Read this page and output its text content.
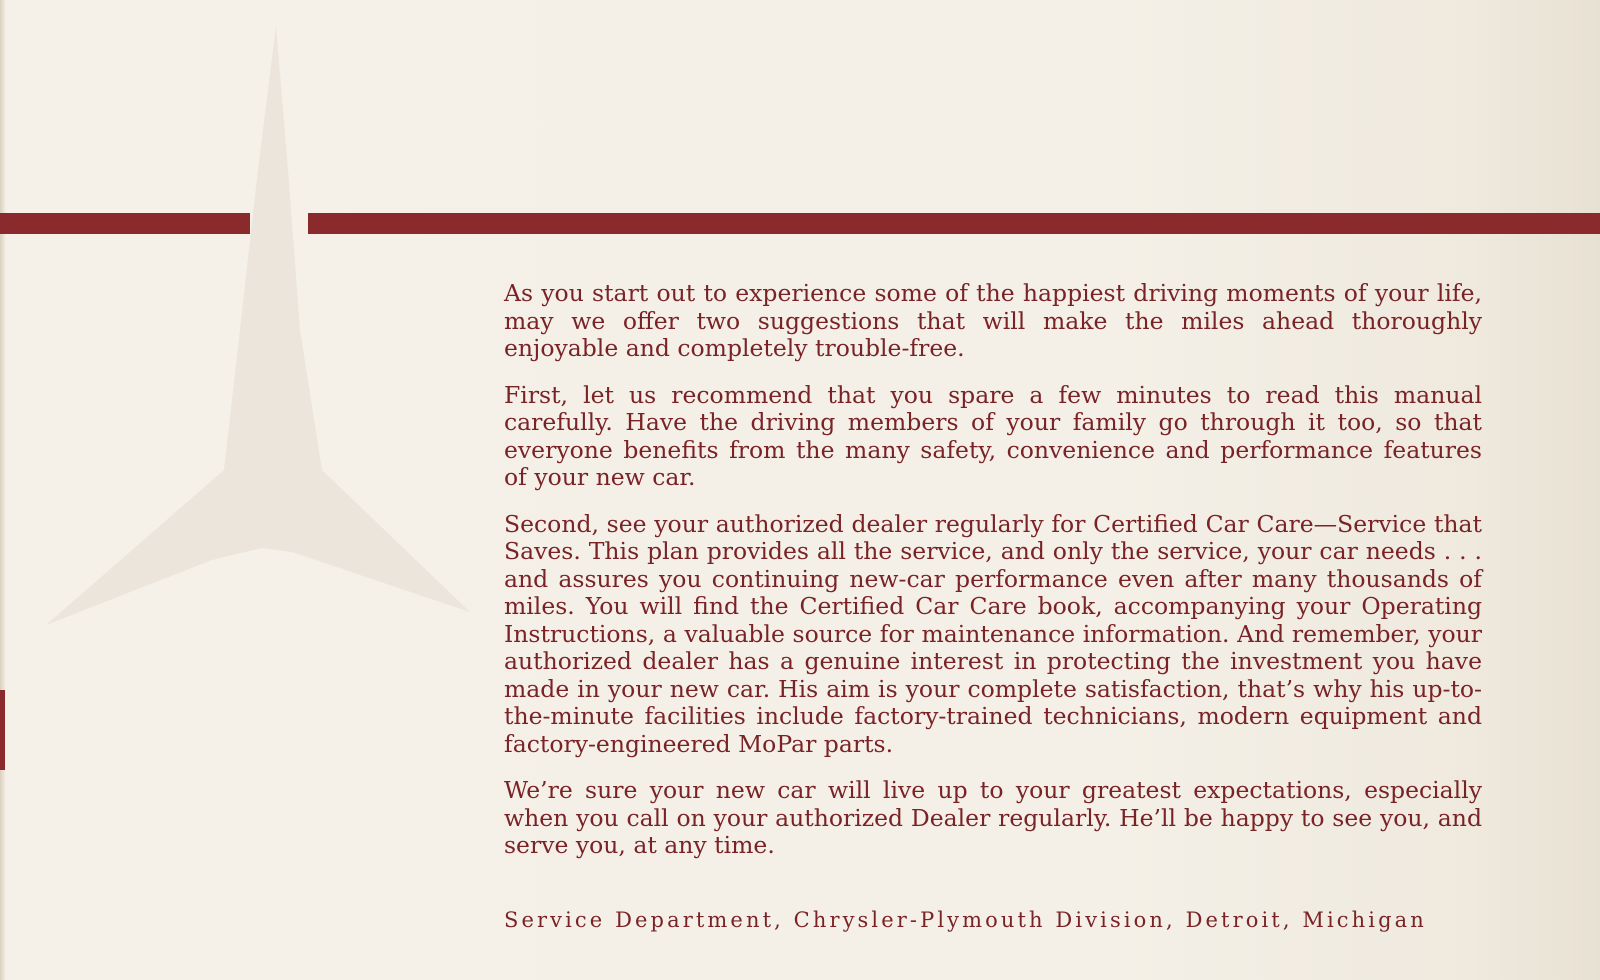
As you start out to experience some of the happiest driving moments of your life, may we offer two suggestions that will make the miles ahead thoroughly enjoyable and completely trouble-free.

First, let us recommend that you spare a few minutes to read this manual carefully. Have the driving members of your family go through it too, so that everyone benefits from the many safety, convenience and performance features of your new car.

Second, see your authorized dealer regularly for Certified Car Care—Service that Saves. This plan provides all the service, and only the service, your car needs . . . and assures you continuing new-car performance even after many thousands of miles. You will find the Certified Car Care book, accompanying your Operating Instructions, a valuable source for maintenance information. And remember, your authorized dealer has a genuine interest in protecting the investment you have made in your new car. His aim is your complete satisfaction, that’s why his up-to-the-minute facilities include factory-trained technicians, modern equipment and factory-engineered MoPar parts.

We’re sure your new car will live up to your greatest expectations, especially when you call on your authorized Dealer regularly. He’ll be happy to see you, and serve you, at any time.

Service Department, Chrysler-Plymouth Division, Detroit, Michigan
